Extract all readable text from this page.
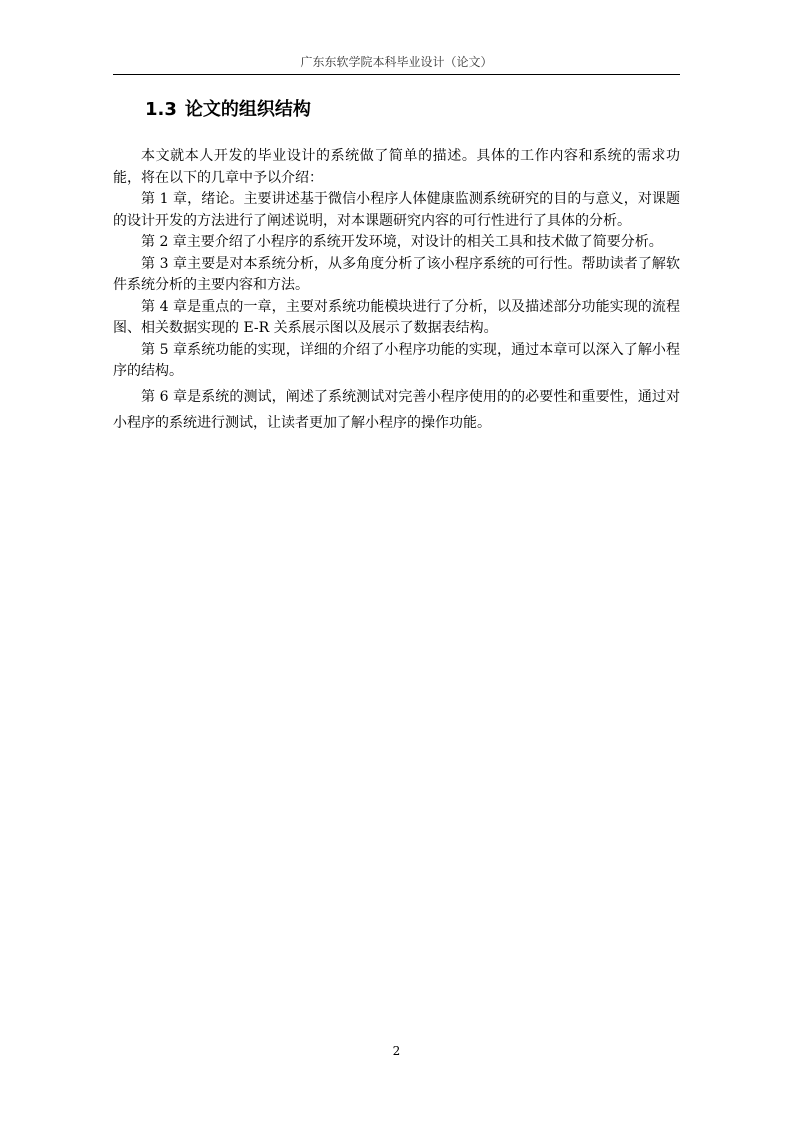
广东东软学院本科毕业设计（论文）
1.3 论文的组织结构

本文就本人开发的毕业设计的系统做了简单的描述。具体的工作内容和系统的需求功能，将在以下的几章中予以介绍：

第 1 章，绪论。主要讲述基于微信小程序人体健康监测系统研究的目的与意义，对课题的设计开发的方法进行了阐述说明，对本课题研究内容的可行性进行了具体的分析。

第 2 章主要介绍了小程序的系统开发环境，对设计的相关工具和技术做了简要分析。

第 3 章主要是对本系统分析，从多角度分析了该小程序系统的可行性。帮助读者了解软件系统分析的主要内容和方法。

第 4 章是重点的一章，主要对系统功能模块进行了分析，以及描述部分功能实现的流程图、相关数据实现的 E-R 关系展示图以及展示了数据表结构。

第 5 章系统功能的实现，详细的介绍了小程序功能的实现，通过本章可以深入了解小程序的结构。

第 6 章是系统的测试，阐述了系统测试对完善小程序使用的的必要性和重要性，通过对小程序的系统进行测试，让读者更加了解小程序的操作功能。

2
